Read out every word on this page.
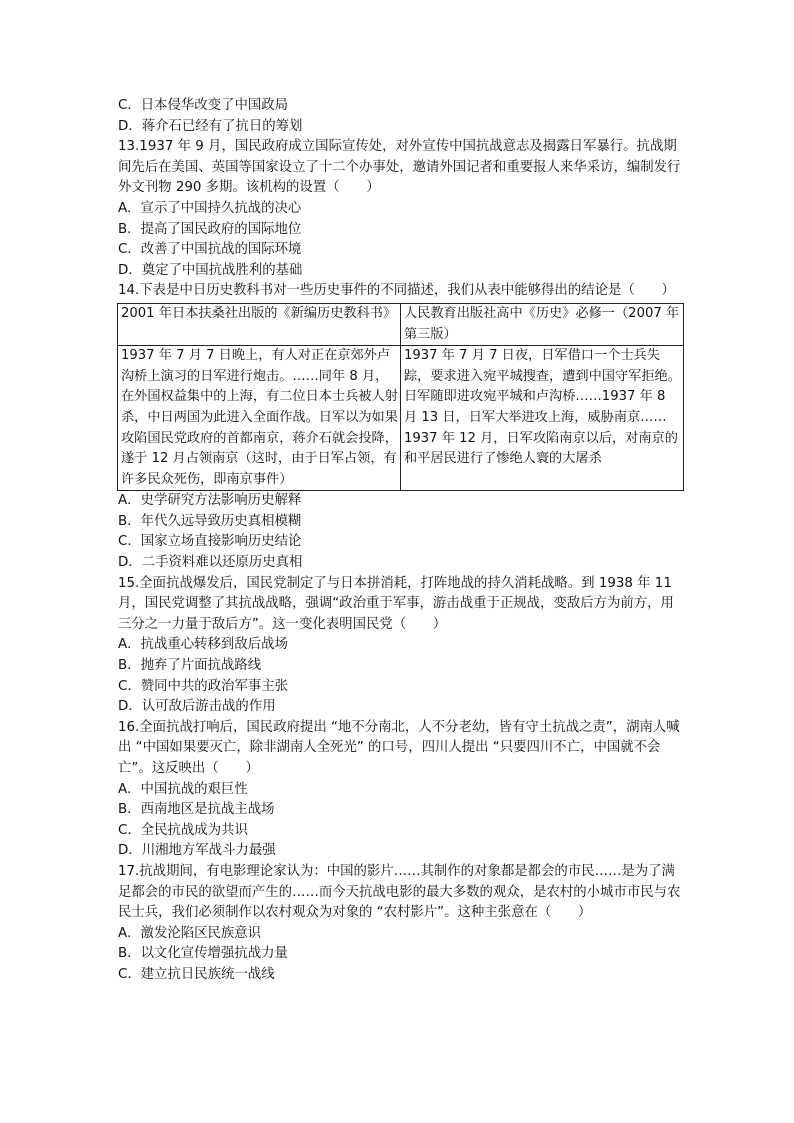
C．日本侵华改变了中国政局
D．蒋介石已经有了抗日的筹划
13.1937 年 9 月，国民政府成立国际宣传处，对外宣传中国抗战意志及揭露日军暴行。抗战期间先后在美国、英国等国家设立了十二个办事处，邀请外国记者和重要报人来华采访，编制发行外文刊物 290 多期。该机构的设置（　　）
A．宣示了中国持久抗战的决心
B．提高了国民政府的国际地位
C．改善了中国抗战的国际环境
D．奠定了中国抗战胜利的基础
14.下表是中日历史教科书对一些历史事件的不同描述，我们从表中能够得出的结论是（　　）
2001 年日本扶桑社出版的《新编历史教科书》	人民教育出版社高中《历史》必修一（2007 年第三版）
1937 年 7 月 7 日晚上，有人对正在京郊外卢沟桥上演习的日军进行炮击。……同年 8 月，在外国权益集中的上海，有二位日本士兵被人射杀，中日两国为此进入全面作战。日军以为如果攻陷国民党政府的首都南京，蒋介石就会投降，遂于 12 月占领南京（这时，由于日军占领，有许多民众死伤，即南京事件）	1937 年 7 月 7 日夜，日军借口一个士兵失踪，要求进入宛平城搜查，遭到中国守军拒绝。日军随即进攻宛平城和卢沟桥……1937 年 8 月 13 日，日军大举进攻上海，威胁南京……1937 年 12 月，日军攻陷南京以后，对南京的和平居民进行了惨绝人寰的大屠杀
A．史学研究方法影响历史解释
B．年代久远导致历史真相模糊
C．国家立场直接影响历史结论
D．二手资料难以还原历史真相
15.全面抗战爆发后，国民党制定了与日本拼消耗，打阵地战的持久消耗战略。到 1938 年 11 月，国民党调整了其抗战战略，强调“政治重于军事，游击战重于正规战，变敌后方为前方，用三分之一力量于敌后方”。这一变化表明国民党（　　）
A．抗战重心转移到敌后战场
B．抛弃了片面抗战路线
C．赞同中共的政治军事主张
D．认可敌后游击战的作用
16.全面抗战打响后，国民政府提出 “地不分南北，人不分老幼，皆有守土抗战之责”，湖南人喊出 “中国如果要灭亡，除非湖南人全死光” 的口号，四川人提出 “只要四川不亡，中国就不会亡”。这反映出（　　）
A．中国抗战的艰巨性
B．西南地区是抗战主战场
C．全民抗战成为共识
D．川湘地方军战斗力最强
17.抗战期间，有电影理论家认为：中国的影片……其制作的对象都是都会的市民……是为了满足都会的市民的欲望而产生的……而今天抗战电影的最大多数的观众，是农村的小城市市民与农民士兵，我们必须制作以农村观众为对象的 “农村影片”。这种主张意在（　　）
A．激发沦陷区民族意识
B．以文化宣传增强抗战力量
C．建立抗日民族统一战线
